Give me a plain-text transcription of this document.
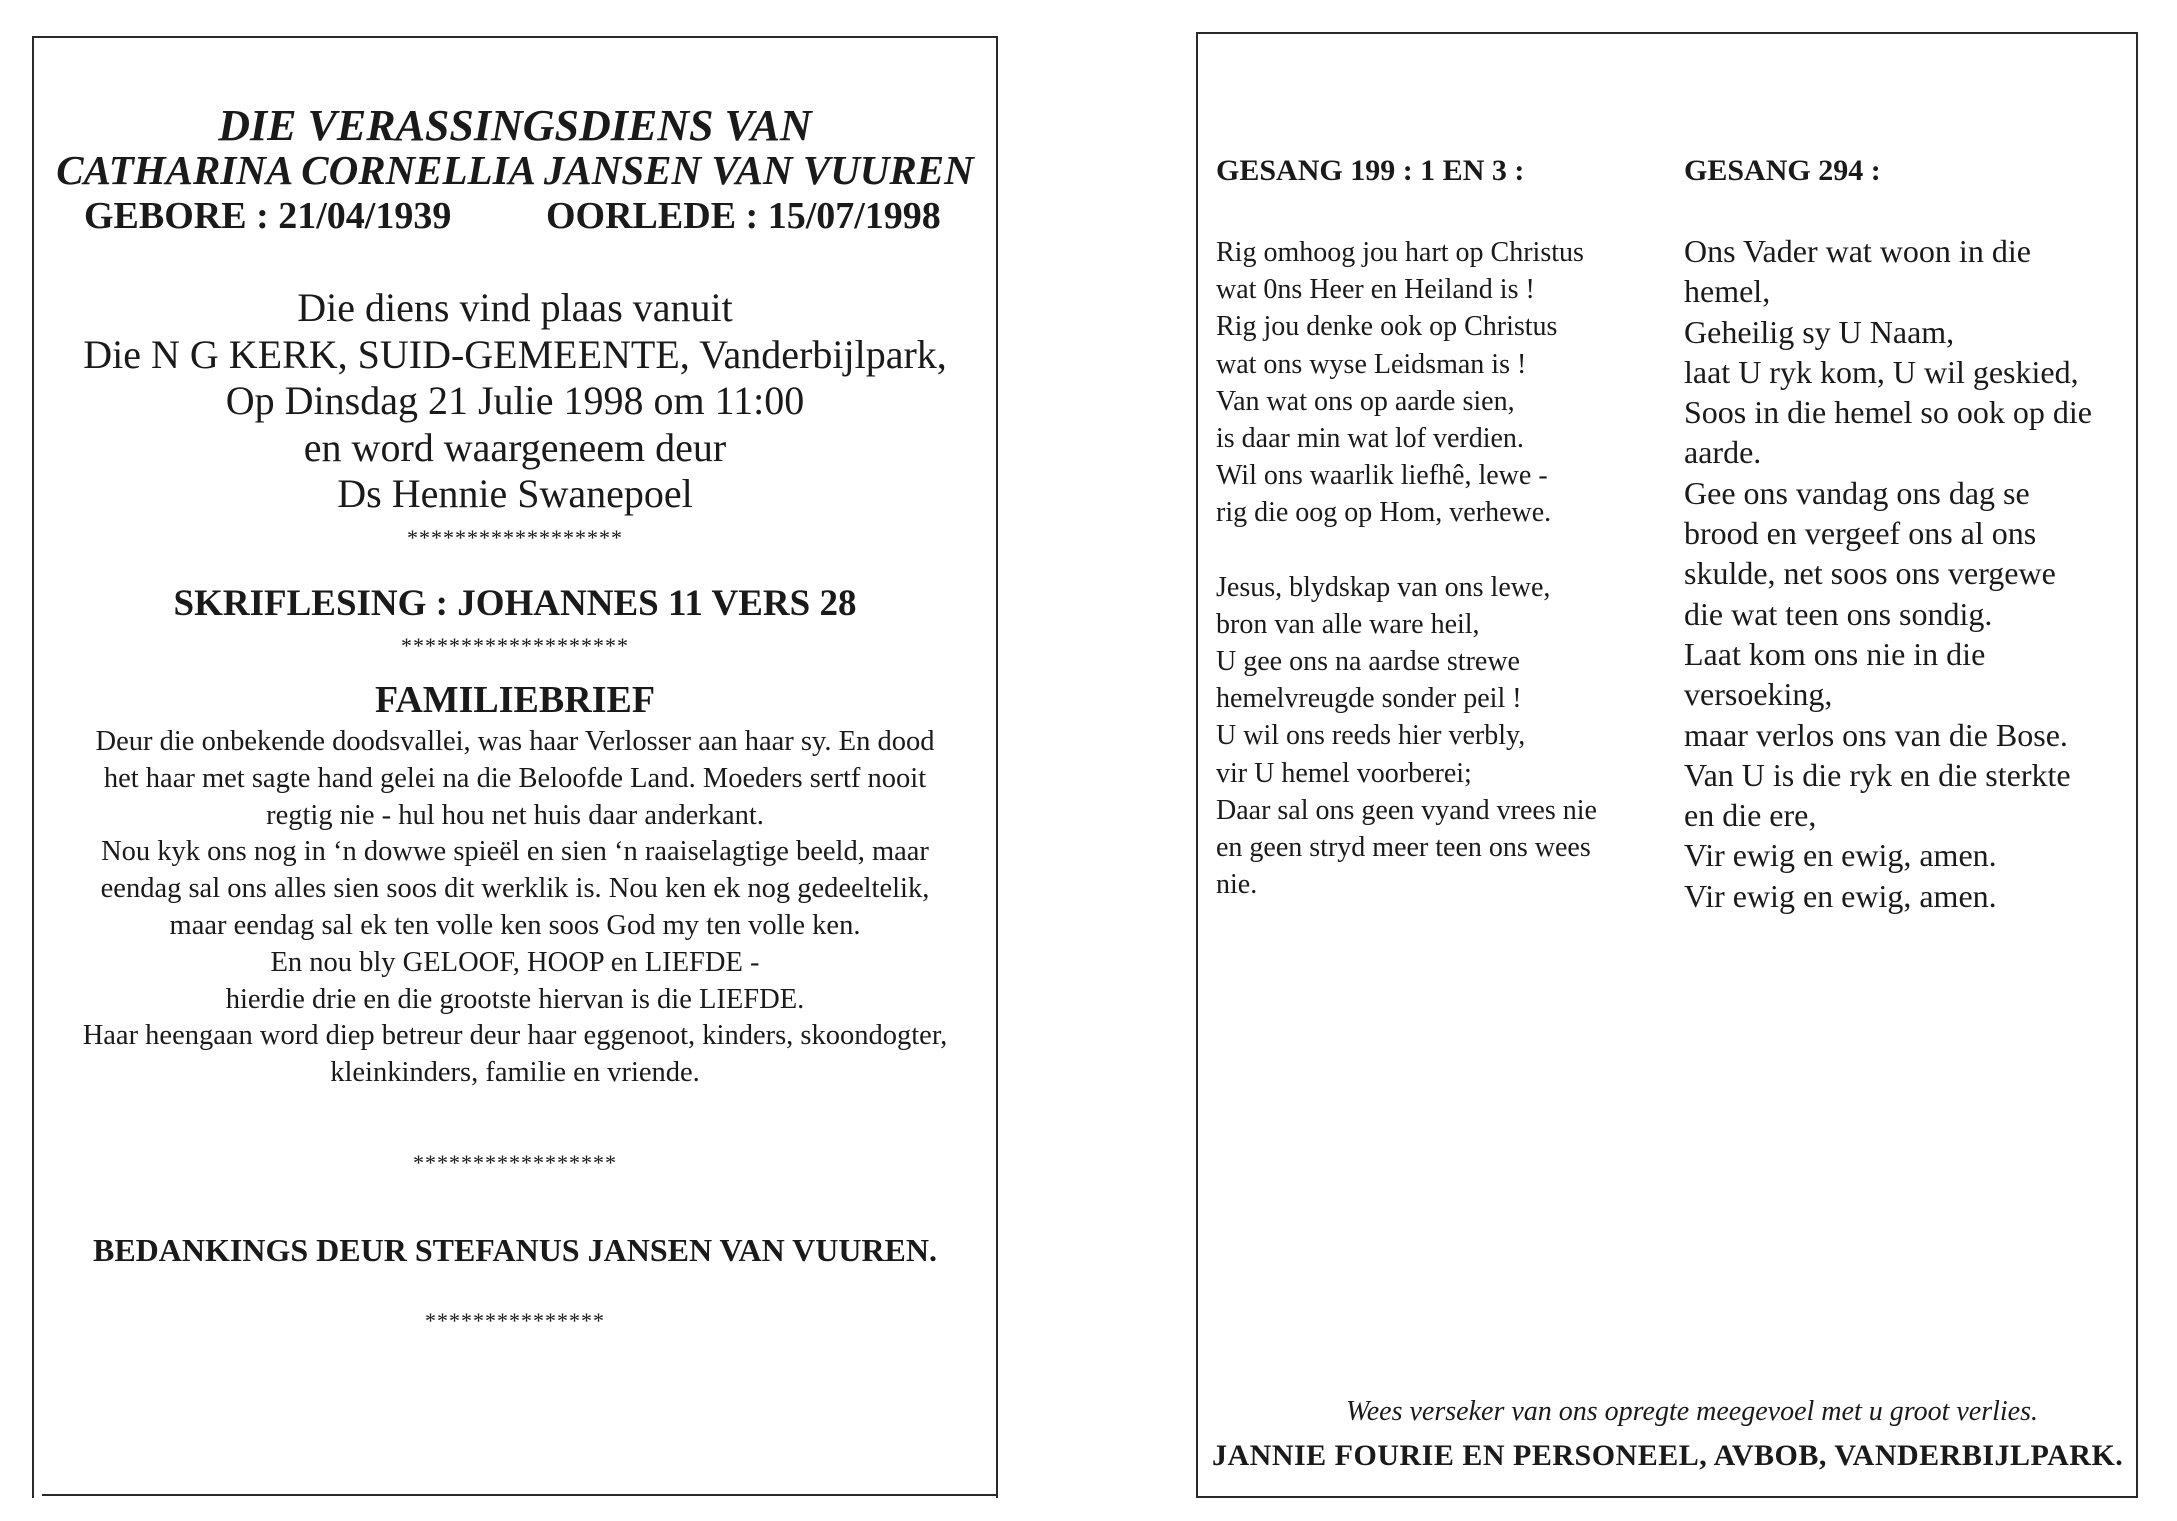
DIE VERASSINGSDIENS VAN
CATHARINA CORNELLIA JANSEN VAN VUUREN
GEBORE : 21/04/1939	OORLEDE : 15/07/1998
Die diens vind plaas vanuit
Die N G KERK, SUID-GEMEENTE, Vanderbijlpark,
Op Dinsdag 21 Julie 1998 om 11:00
en word waargeneem deur
Ds Hennie Swanepoel
******************
SKRIFLESING : JOHANNES 11 VERS 28
*******************
FAMILIEBRIEF
Deur die onbekende doodsvallei, was haar Verlosser aan haar sy. En dood
het haar met sagte hand gelei na die Beloofde Land. Moeders sertf nooit
regtig nie - hul hou net huis daar anderkant.
Nou kyk ons nog in ‘n dowwe spieël en sien ‘n raaiselagtige beeld, maar
eendag sal ons alles sien soos dit werklik is. Nou ken ek nog gedeeltelik,
maar eendag sal ek ten volle ken soos God my ten volle ken.
En nou bly GELOOF, HOOP en LIEFDE -
hierdie drie en die grootste hiervan is die LIEFDE.
Haar heengaan word diep betreur deur haar eggenoot, kinders, skoondogter,
kleinkinders, familie en vriende.
*****************
BEDANKINGS DEUR STEFANUS JANSEN VAN VUUREN.
***************
GESANG 199 : 1 EN 3 :	GESANG 294 :
Rig omhoog jou hart op Christus
wat 0ns Heer en Heiland is !
Rig jou denke ook op Christus
wat ons wyse Leidsman is !
Van wat ons op aarde sien,
is daar min wat lof verdien.
Wil ons waarlik liefhê, lewe -
rig die oog op Hom, verhewe.
Jesus, blydskap van ons lewe,
bron van alle ware heil,
U gee ons na aardse strewe
hemelvreugde sonder peil !
U wil ons reeds hier verbly,
vir U hemel voorberei;
Daar sal ons geen vyand vrees nie
en geen stryd meer teen ons wees
nie.
Ons Vader wat woon in die
hemel,
Geheilig sy U Naam,
laat U ryk kom, U wil geskied,
Soos in die hemel so ook op die
aarde.
Gee ons vandag ons dag se
brood en vergeef ons al ons
skulde, net soos ons vergewe
die wat teen ons sondig.
Laat kom ons nie in die
versoeking,
maar verlos ons van die Bose.
Van U is die ryk en die sterkte
en die ere,
Vir ewig en ewig, amen.
Vir ewig en ewig, amen.
Wees verseker van ons opregte meegevoel met u groot verlies.
JANNIE FOURIE EN PERSONEEL, AVBOB, VANDERBIJLPARK.
